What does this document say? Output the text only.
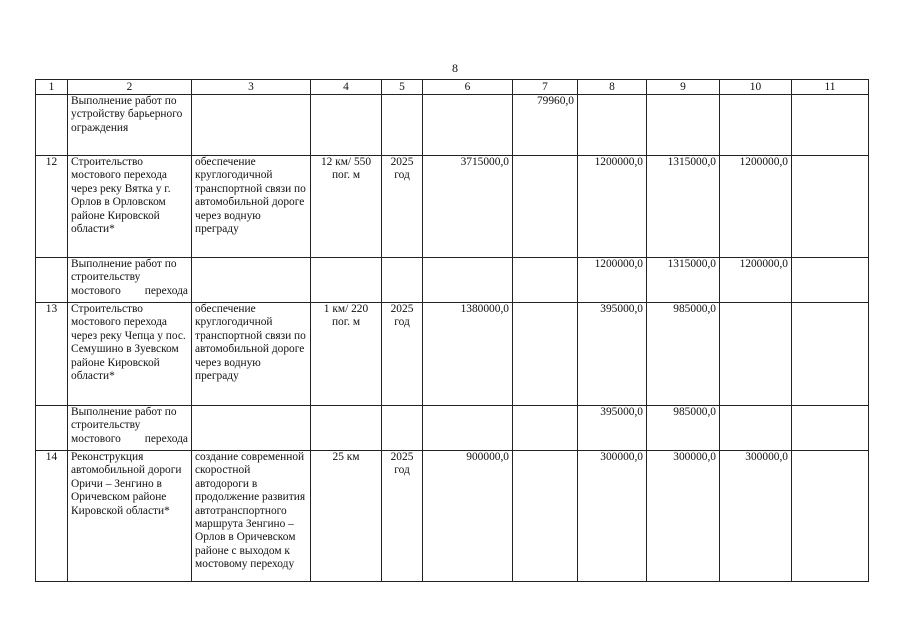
8
1	2	3	4	5	6	7	8	9	10	11
	Выполнение работ по устройству барьерного ограждения					79960,0				
12	Строительство мостового перехода через реку Вятка у г. Орлов в Орловском районе Кировской области*	обеспечение круглогодичной транспортной связи по автомобильной дороге через водную преграду	12 км/ 550 пог. м	2025 год	3715000,0		1200000,0	1315000,0	1200000,0	
	Выполнение работ по строительству мостового перехода						1200000,0	1315000,0	1200000,0	
13	Строительство мостового перехода через реку Чепца у пос. Семушино в Зуевском районе Кировской области*	обеспечение круглогодичной транспортной связи по автомобильной дороге через водную преграду	1 км/ 220 пог. м	2025 год	1380000,0		395000,0	985000,0		
	Выполнение работ по строительству мостового перехода						395000,0	985000,0		
14	Реконструкция автомобильной дороги Оричи – Зенгино в Оричевском районе Кировской области*	создание современной скоростной автодороги в продолжение развития автотранспортного маршрута Зенгино – Орлов в Оричевском районе с выходом к мостовому переходу	25 км	2025 год	900000,0		300000,0	300000,0	300000,0	
